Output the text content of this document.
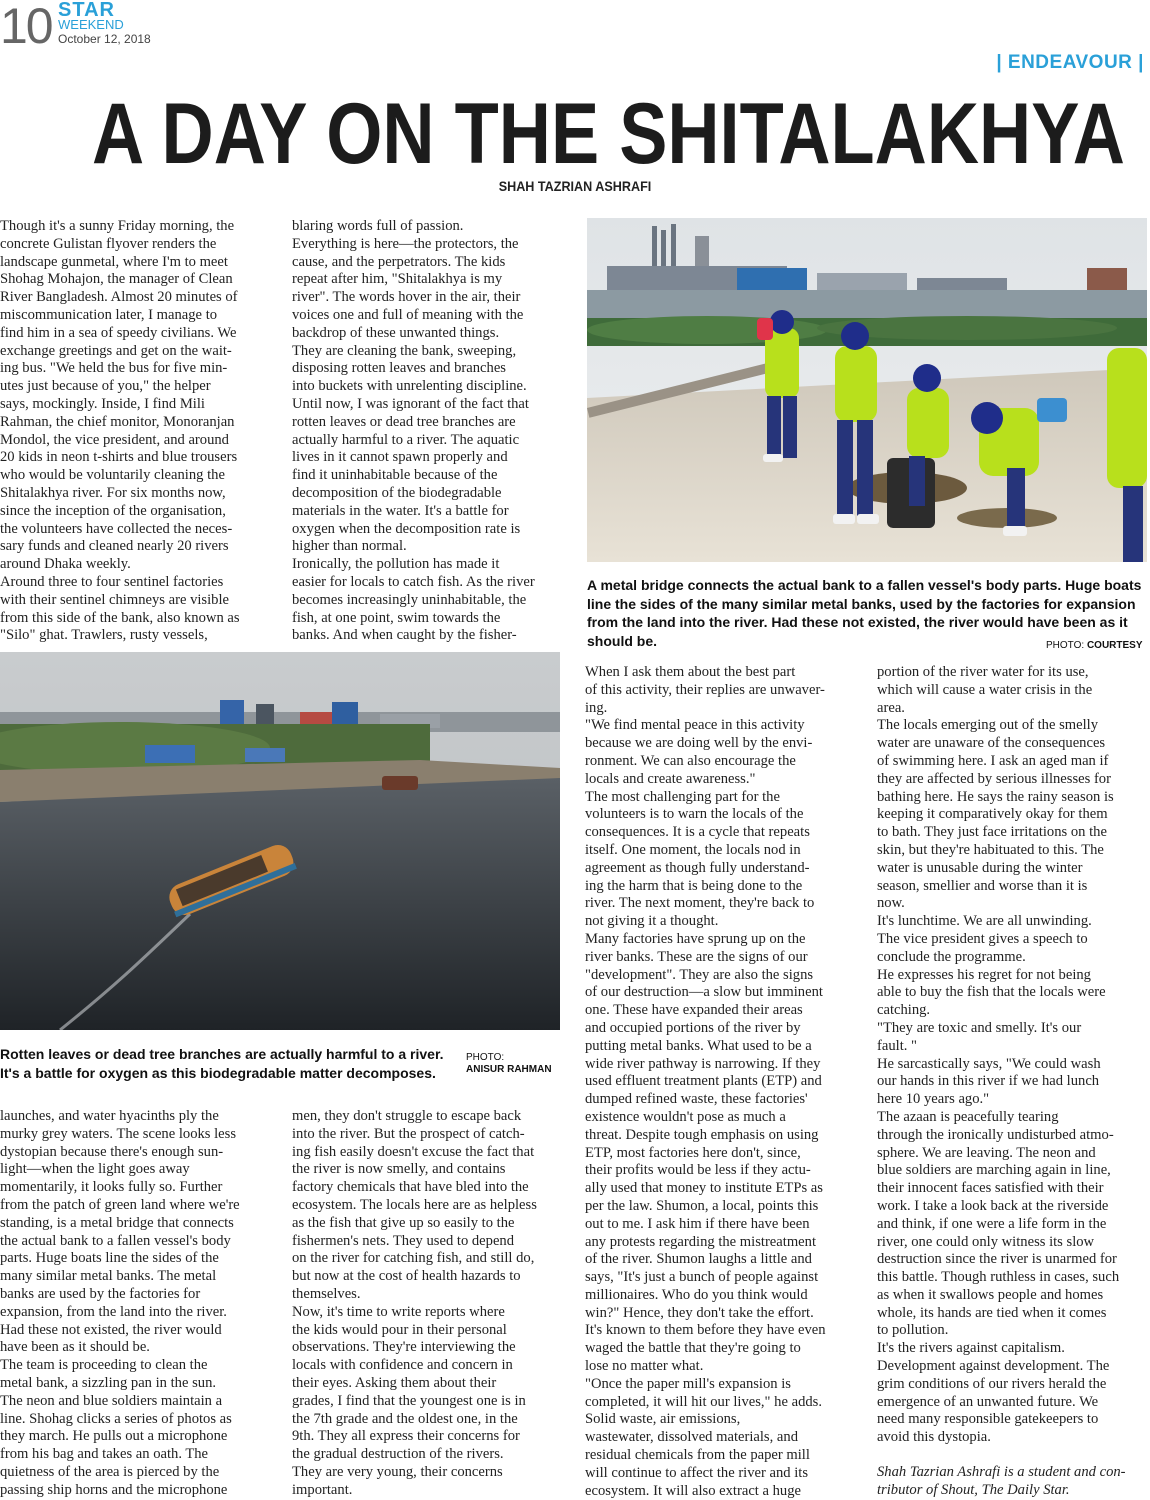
10 STAR
WEEKEND
October 12, 2018
| ENDEAVOUR |
A DAY ON THE SHITALAKHYA
SHAH TAZRIAN ASHRAFI
Though it's a sunny Friday morning, the
concrete Gulistan flyover renders the
landscape gunmetal, where I'm to meet
Shohag Mohajon, the manager of Clean
River Bangladesh. Almost 20 minutes of
miscommunication later, I manage to
find him in a sea of speedy civilians. We
exchange greetings and get on the wait-
ing bus. "We held the bus for five min-
utes just because of you," the helper
says, mockingly. Inside, I find Mili
Rahman, the chief monitor, Monoranjan
Mondol, the vice president, and around
20 kids in neon t-shirts and blue trousers
who would be voluntarily cleaning the
Shitalakhya river. For six months now,
since the inception of the organisation,
the volunteers have collected the neces-
sary funds and cleaned nearly 20 rivers
around Dhaka weekly.
Around three to four sentinel factories
with their sentinel chimneys are visible
from this side of the bank, also known as
"Silo" ghat. Trawlers, rusty vessels,
blaring words full of passion.
Everything is here—the protectors, the
cause, and the perpetrators. The kids
repeat after him, "Shitalakhya is my
river". The words hover in the air, their
voices one and full of meaning with the
backdrop of these unwanted things.
They are cleaning the bank, sweeping,
disposing rotten leaves and branches
into buckets with unrelenting discipline.
Until now, I was ignorant of the fact that
rotten leaves or dead tree branches are
actually harmful to a river. The aquatic
lives in it cannot spawn properly and
find it uninhabitable because of the
decomposition of the biodegradable
materials in the water. It's a battle for
oxygen when the decomposition rate is
higher than normal.
Ironically, the pollution has made it
easier for locals to catch fish. As the river
becomes increasingly uninhabitable, the
fish, at one point, swim towards the
banks. And when caught by the fisher-
A metal bridge connects the actual bank to a fallen vessel's body parts. Huge boats line the sides of the many similar metal banks, used by the factories for expansion from the land into the river. Had these not existed, the river would have been as it should be.	PHOTO: COURTESY
Rotten leaves or dead tree branches are actually harmful to a river. It's a battle for oxygen as this biodegradable matter decomposes.
PHOTO:
ANISUR RAHMAN
launches, and water hyacinths ply the
murky grey waters. The scene looks less
dystopian because there's enough sun-
light—when the light goes away
momentarily, it looks fully so. Further
from the patch of green land where we're
standing, is a metal bridge that connects
the actual bank to a fallen vessel's body
parts. Huge boats line the sides of the
many similar metal banks. The metal
banks are used by the factories for
expansion, from the land into the river.
Had these not existed, the river would
have been as it should be.
The team is proceeding to clean the
metal bank, a sizzling pan in the sun.
The neon and blue soldiers maintain a
line. Shohag clicks a series of photos as
they march. He pulls out a microphone
from his bag and takes an oath. The
quietness of the area is pierced by the
passing ship horns and the microphone
men, they don't struggle to escape back
into the river. But the prospect of catch-
ing fish easily doesn't excuse the fact that
the river is now smelly, and contains
factory chemicals that have bled into the
ecosystem. The locals here are as helpless
as the fish that give up so easily to the
fishermen's nets. They used to depend
on the river for catching fish, and still do,
but now at the cost of health hazards to
themselves.
Now, it's time to write reports where
the kids would pour in their personal
observations. They're interviewing the
locals with confidence and concern in
their eyes. Asking them about their
grades, I find that the youngest one is in
the 7th grade and the oldest one, in the
9th. They all express their concerns for
the gradual destruction of the rivers.
They are very young, their concerns
important.
When I ask them about the best part
of this activity, their replies are unwaver-
ing.
"We find mental peace in this activity
because we are doing well by the envi-
ronment. We can also encourage the
locals and create awareness."
The most challenging part for the
volunteers is to warn the locals of the
consequences. It is a cycle that repeats
itself. One moment, the locals nod in
agreement as though fully understand-
ing the harm that is being done to the
river. The next moment, they're back to
not giving it a thought.
Many factories have sprung up on the
river banks. These are the signs of our
"development". They are also the signs
of our destruction—a slow but imminent
one. These have expanded their areas
and occupied portions of the river by
putting metal banks. What used to be a
wide river pathway is narrowing. If they
used effluent treatment plants (ETP) and
dumped refined waste, these factories'
existence wouldn't pose as much a
threat. Despite tough emphasis on using
ETP, most factories here don't, since,
their profits would be less if they actu-
ally used that money to institute ETPs as
per the law. Shumon, a local, points this
out to me. I ask him if there have been
any protests regarding the mistreatment
of the river. Shumon laughs a little and
says, "It's just a bunch of people against
millionaires. Who do you think would
win?" Hence, they don't take the effort.
It's known to them before they have even
waged the battle that they're going to
lose no matter what.
"Once the paper mill's expansion is
completed, it will hit our lives," he adds.
Solid waste, air emissions,
wastewater, dissolved materials, and
residual chemicals from the paper mill
will continue to affect the river and its
ecosystem. It will also extract a huge
portion of the river water for its use,
which will cause a water crisis in the
area.
The locals emerging out of the smelly
water are unaware of the consequences
of swimming here. I ask an aged man if
they are affected by serious illnesses for
bathing here. He says the rainy season is
keeping it comparatively okay for them
to bath. They just face irritations on the
skin, but they're habituated to this. The
water is unusable during the winter
season, smellier and worse than it is
now.
It's lunchtime. We are all unwinding.
The vice president gives a speech to
conclude the programme.
He expresses his regret for not being
able to buy the fish that the locals were
catching.
"They are toxic and smelly. It's our
fault. "
He sarcastically says, "We could wash
our hands in this river if we had lunch
here 10 years ago."
The azaan is peacefully tearing
through the ironically undisturbed atmo-
sphere. We are leaving. The neon and
blue soldiers are marching again in line,
their innocent faces satisfied with their
work. I take a look back at the riverside
and think, if one were a life form in the
river, one could only witness its slow
destruction since the river is unarmed for
this battle. Though ruthless in cases, such
as when it swallows people and homes
whole, its hands are tied when it comes
to pollution.
It's the rivers against capitalism.
Development against development. The
grim conditions of our rivers herald the
emergence of an unwanted future. We
need many responsible gatekeepers to
avoid this dystopia.
Shah Tazrian Ashrafi is a student and con-
tributor of Shout, The Daily Star.
